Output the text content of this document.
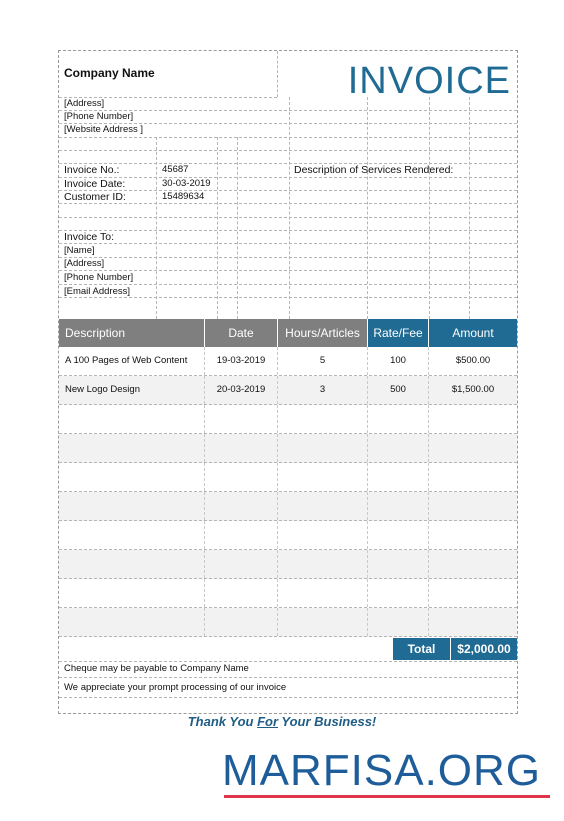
Company Name	INVOICE
[Address]
[Phone Number]
[Website Address ]
Invoice No.:	45687
Invoice Date:	30-03-2019
Customer ID:	15489634
Description of Services Rendered:
Invoice To:
[Name]
[Address]
[Phone Number]
[Email Address]
Description	Date	Hours/Articles	Rate/Fee	Amount
A 100 Pages of Web Content	19-03-2019	5	100	$500.00
New Logo Design	20-03-2019	3	500	$1,500.00
Total	$2,000.00
Cheque may be payable to Company Name
We appreciate your prompt processing of our invoice
Thank You For Your Business!
MARFISA.ORG
